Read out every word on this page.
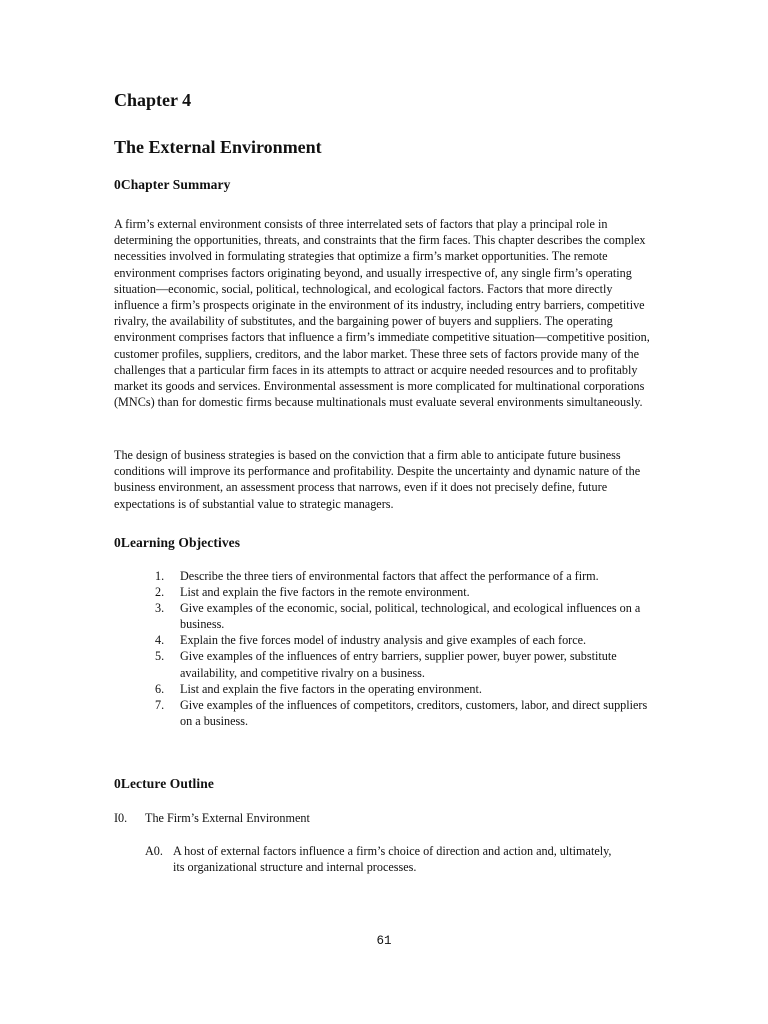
Chapter 4
The External Environment
0Chapter Summary

A firm’s external environment consists of three interrelated sets of factors that play a principal role in determining the opportunities, threats, and constraints that the firm faces. This chapter describes the complex necessities involved in formulating strategies that optimize a firm’s market opportunities. The remote environment comprises factors originating beyond, and usually irrespective of, any single firm’s operating situation—economic, social, political, technological, and ecological factors. Factors that more directly influence a firm’s prospects originate in the environment of its industry, including entry barriers, competitive rivalry, the availability of substitutes, and the bargaining power of buyers and suppliers. The operating environment comprises factors that influence a firm’s immediate competitive situation—competitive position, customer profiles, suppliers, creditors, and the labor market. These three sets of factors provide many of the challenges that a particular firm faces in its attempts to attract or acquire needed resources and to profitably market its goods and services. Environmental assessment is more complicated for multinational corporations (MNCs) than for domestic firms because multinationals must evaluate several environments simultaneously.

The design of business strategies is based on the conviction that a firm able to anticipate future business conditions will improve its performance and profitability. Despite the uncertainty and dynamic nature of the business environment, an assessment process that narrows, even if it does not precisely define, future expectations is of substantial value to strategic managers.

0Learning Objectives
1.	Describe the three tiers of environmental factors that affect the performance of a firm.
2.	List and explain the five factors in the remote environment.
3.	Give examples of the economic, social, political, technological, and ecological influences on a business.
4.	Explain the five forces model of industry analysis and give examples of each force.
5.	Give examples of the influences of entry barriers, supplier power, buyer power, substitute availability, and competitive rivalry on a business.
6.	List and explain the five factors in the operating environment.
7.	Give examples of the influences of competitors, creditors, customers, labor, and direct suppliers on a business.
0Lecture Outline
I0.	The Firm’s External Environment
A0. A host of external factors influence a firm’s choice of direction and action and, ultimately, its organizational structure and internal processes.
61
